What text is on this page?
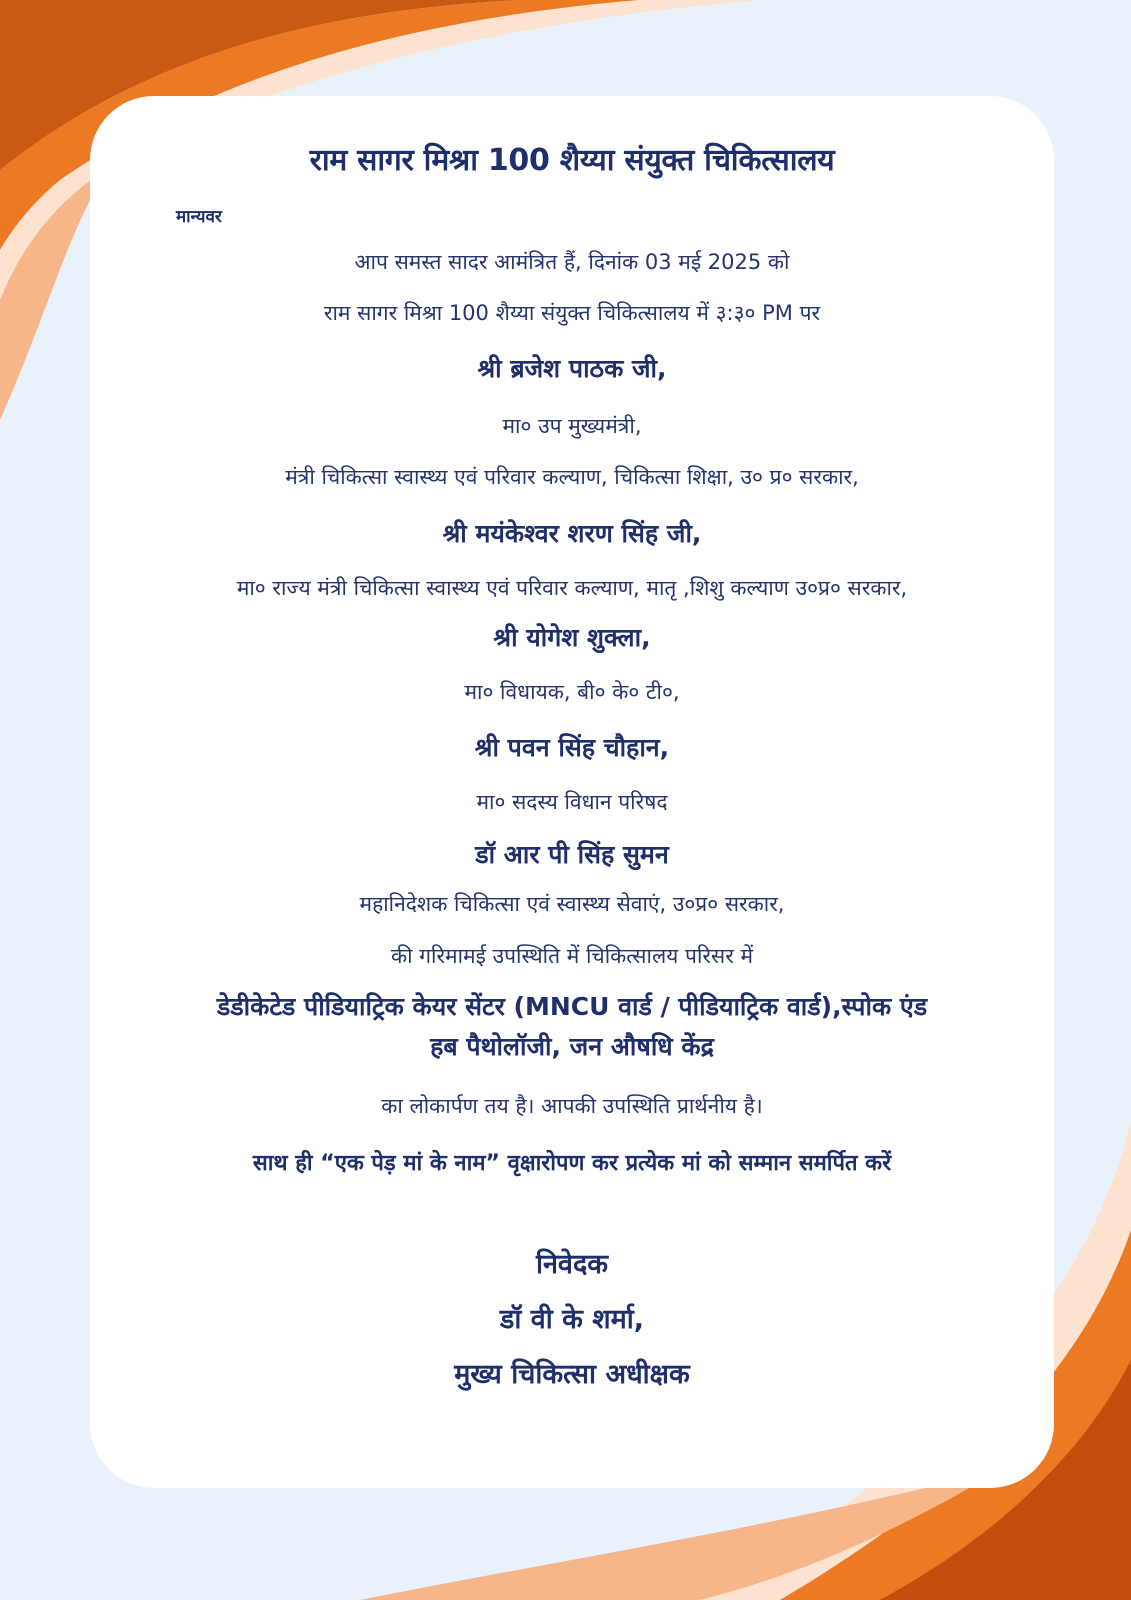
राम सागर मिश्रा 100 शैय्या संयुक्त चिकित्सालय

मान्यवर

आप समस्त सादर आमंत्रित हैं, दिनांक 03 मई 2025 को

राम सागर मिश्रा 100 शैय्या संयुक्त चिकित्सालय में ३:३० PM पर

श्री ब्रजेश पाठक जी,

मा० उप मुख्यमंत्री,

मंत्री चिकित्सा स्वास्थ्य एवं परिवार कल्याण, चिकित्सा शिक्षा, उ० प्र० सरकार,

श्री मयंकेश्वर शरण सिंह जी,

मा० राज्य मंत्री चिकित्सा स्वास्थ्य एवं परिवार कल्याण, मातृ ,शिशु कल्याण उ०प्र० सरकार,

श्री योगेश शुक्ला,

मा० विधायक, बी० के० टी०,

श्री पवन सिंह चौहान,

मा० सदस्य विधान परिषद

डॉ आर पी सिंह सुमन

महानिदेशक चिकित्सा एवं स्वास्थ्य सेवाएं, उ०प्र० सरकार,

की गरिमामई उपस्थिति में चिकित्सालय परिसर में

डेडीकेटेड पीडियाट्रिक केयर सेंटर (MNCU वार्ड / पीडियाट्रिक वार्ड),स्पोक एंड

हब पैथोलॉजी, जन औषधि केंद्र

का लोकार्पण तय है। आपकी उपस्थिति प्रार्थनीय है।

साथ ही “एक पेड़ मां के नाम” वृक्षारोपण कर प्रत्येक मां को सम्मान समर्पित करें

निवेदक

डॉ वी के शर्मा,

मुख्य चिकित्सा अधीक्षक
